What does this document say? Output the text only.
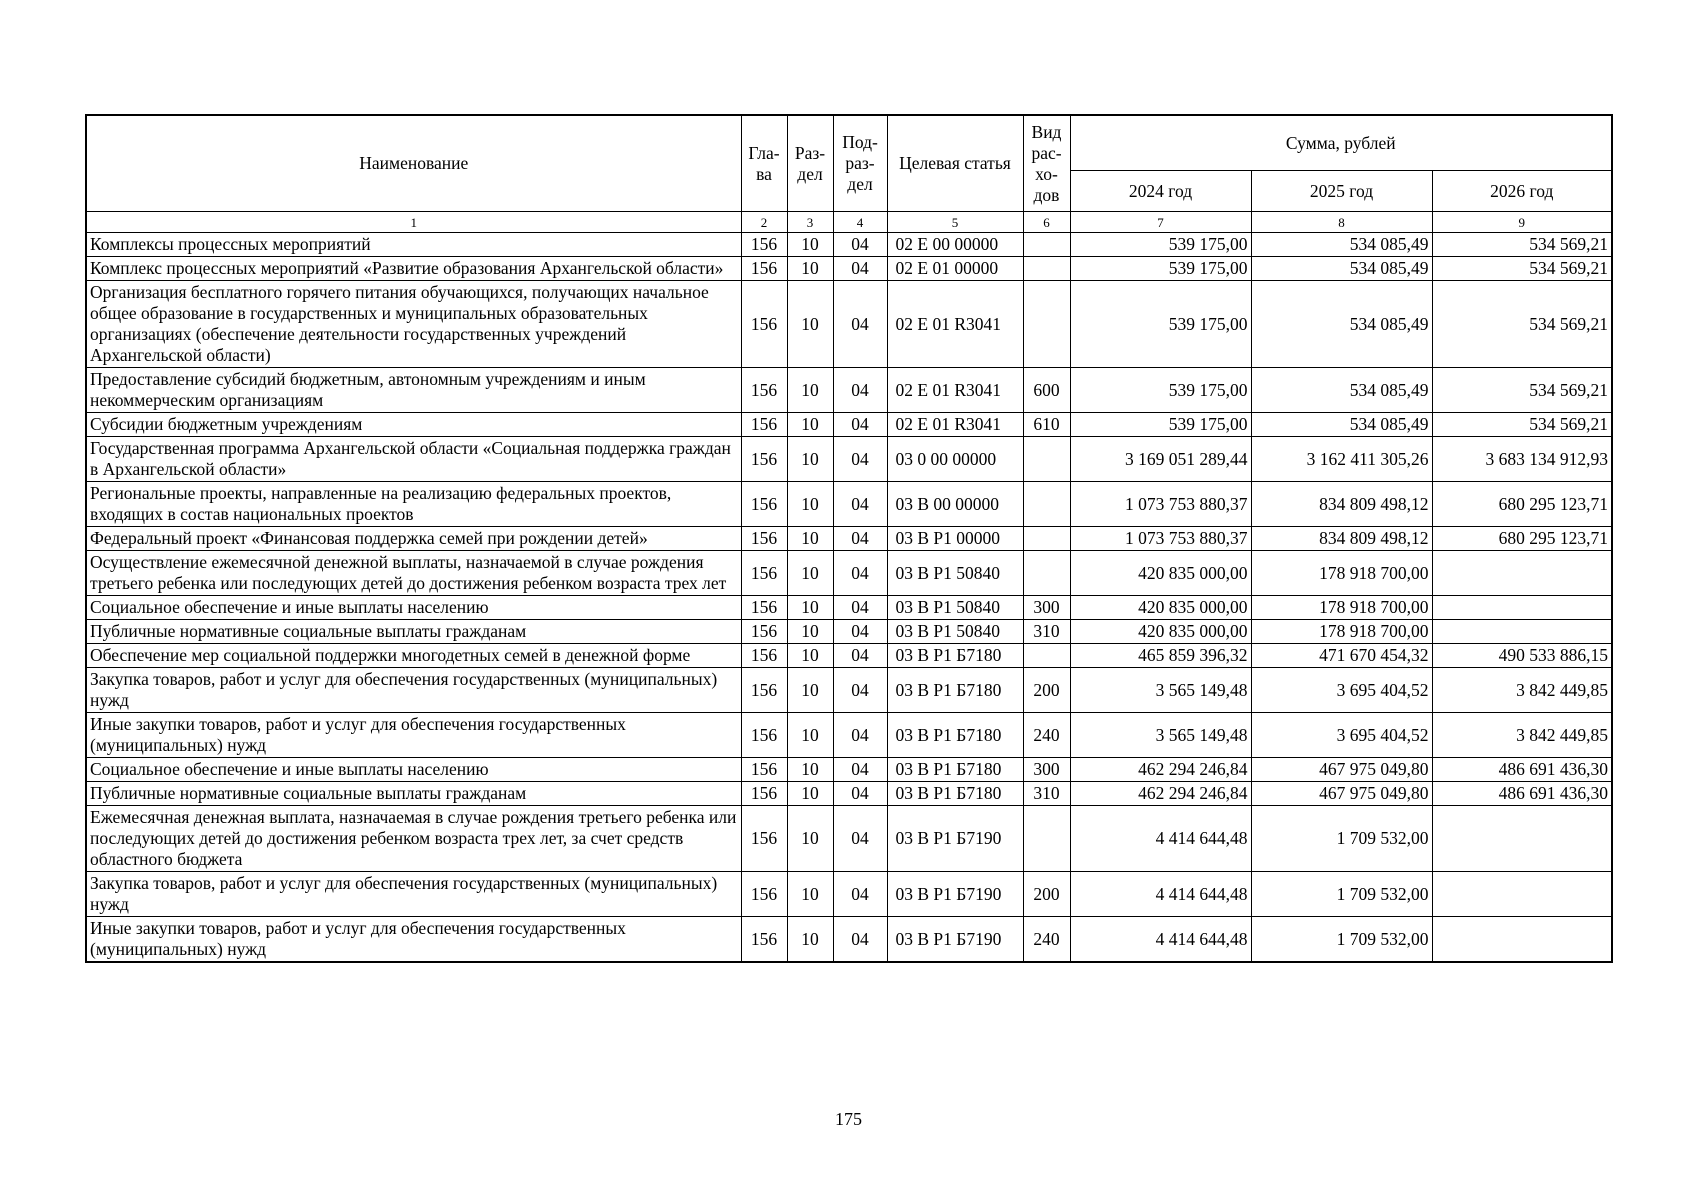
Наименование	Гла-ва	Раз-дел	Под-раз-дел	Целевая статья	Вид рас-хо-дов	Сумма, рублей		
						2024 год	2025 год	2026 год
1	2	3	4	5	6	7	8	9
Комплексы процессных мероприятий	156	10	04	02 Е 00 00000		539 175,00	534 085,49	534 569,21
Комплекс процессных мероприятий «Развитие образования Архангельской области»	156	10	04	02 Е 01 00000		539 175,00	534 085,49	534 569,21
Организация бесплатного горячего питания обучающихся, получающих начальное общее образование в государственных и муниципальных образовательных организациях (обеспечение деятельности государственных учреждений Архангельской области)	156	10	04	02 Е 01 R3041		539 175,00	534 085,49	534 569,21
Предоставление субсидий бюджетным, автономным учреждениям и иным некоммерческим организациям	156	10	04	02 Е 01 R3041	600	539 175,00	534 085,49	534 569,21
Субсидии бюджетным учреждениям	156	10	04	02 Е 01 R3041	610	539 175,00	534 085,49	534 569,21
Государственная программа Архангельской области «Социальная поддержка граждан в Архангельской области»	156	10	04	03 0 00 00000		3 169 051 289,44	3 162 411 305,26	3 683 134 912,93
Региональные проекты, направленные на реализацию федеральных проектов, входящих в состав национальных проектов	156	10	04	03 В 00 00000		1 073 753 880,37	834 809 498,12	680 295 123,71
Федеральный проект «Финансовая поддержка семей при рождении детей»	156	10	04	03 В Р1 00000		1 073 753 880,37	834 809 498,12	680 295 123,71
Осуществление ежемесячной денежной выплаты, назначаемой в случае рождения третьего ребенка или последующих детей до достижения ребенком возраста трех лет	156	10	04	03 В Р1 50840		420 835 000,00	178 918 700,00	
Социальное обеспечение и иные выплаты населению	156	10	04	03 В Р1 50840	300	420 835 000,00	178 918 700,00	
Публичные нормативные социальные выплаты гражданам	156	10	04	03 В Р1 50840	310	420 835 000,00	178 918 700,00	
Обеспечение мер социальной поддержки многодетных семей в денежной форме	156	10	04	03 В Р1 Б7180		465 859 396,32	471 670 454,32	490 533 886,15
Закупка товаров, работ и услуг для обеспечения государственных (муниципальных) нужд	156	10	04	03 В Р1 Б7180	200	3 565 149,48	3 695 404,52	3 842 449,85
Иные закупки товаров, работ и услуг для обеспечения государственных (муниципальных) нужд	156	10	04	03 В Р1 Б7180	240	3 565 149,48	3 695 404,52	3 842 449,85
Социальное обеспечение и иные выплаты населению	156	10	04	03 В Р1 Б7180	300	462 294 246,84	467 975 049,80	486 691 436,30
Публичные нормативные социальные выплаты гражданам	156	10	04	03 В Р1 Б7180	310	462 294 246,84	467 975 049,80	486 691 436,30
Ежемесячная денежная выплата, назначаемая в случае рождения третьего ребенка или последующих детей до достижения ребенком возраста трех лет, за счет средств областного бюджета	156	10	04	03 В Р1 Б7190		4 414 644,48	1 709 532,00	
Закупка товаров, работ и услуг для обеспечения государственных (муниципальных) нужд	156	10	04	03 В Р1 Б7190	200	4 414 644,48	1 709 532,00	
Иные закупки товаров, работ и услуг для обеспечения государственных (муниципальных) нужд	156	10	04	03 В Р1 Б7190	240	4 414 644,48	1 709 532,00	
175
